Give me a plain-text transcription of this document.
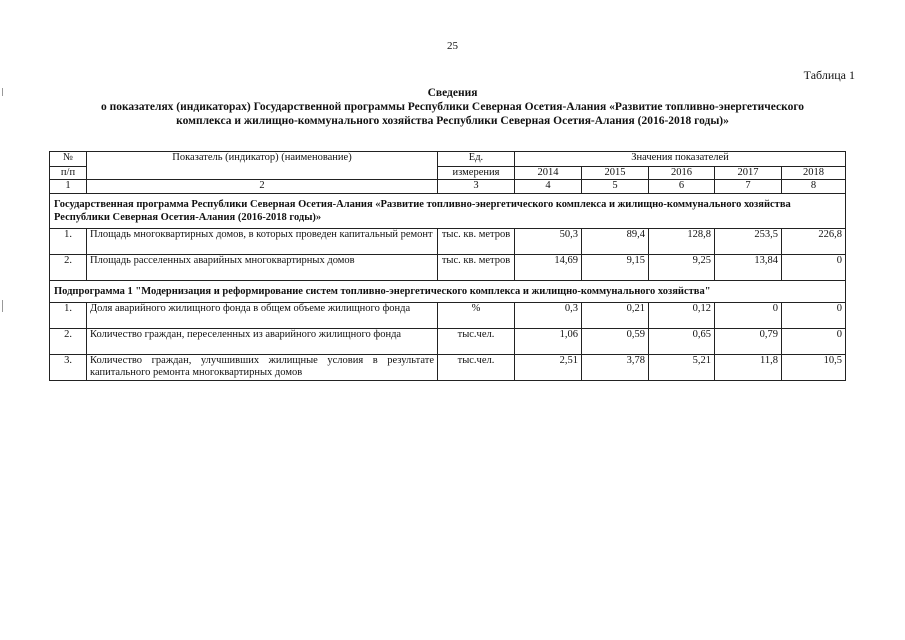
25
Таблица 1
Сведения
о показателях (индикаторах) Государственной программы Республики Северная Осетия-Алания «Развитие топливно-энергетического
комплекса и жилищно-коммунального хозяйства Республики Северная Осетия-Алания (2016-2018 годы)»
№	Показатель (индикатор) (наименование)	Ед.	Значения показателей				
п/п		измерения	2014	2015	2016	2017	2018
1	2	3	4	5	6	7	8
Государственная программа Республики Северная Осетия-Алания «Развитие топливно-энергетического комплекса и жилищно-коммунального хозяйства Республики Северная Осетия-Алания (2016-2018 годы)»							
1.	Площадь многоквартирных домов, в которых проведен капитальный ремонт	тыс. кв. метров	50,3	89,4	128,8	253,5	226,8
2.	Площадь расселенных аварийных многоквартирных домов	тыс. кв. метров	14,69	9,15	9,25	13,84	0
Подпрограмма 1 "Модернизация и реформирование систем топливно-энергетического комплекса и жилищно-коммунального хозяйства"							
1.	Доля аварийного жилищного фонда в общем объеме жилищного фонда	%	0,3	0,21	0,12	0	0
2.	Количество граждан, переселенных из аварийного жилищного фонда	тыс.чел.	1,06	0,59	0,65	0,79	0
3.	Количество граждан, улучшивших жилищные условия в результате капитального ремонта многоквартирных домов	тыс.чел.	2,51	3,78	5,21	11,8	10,5
